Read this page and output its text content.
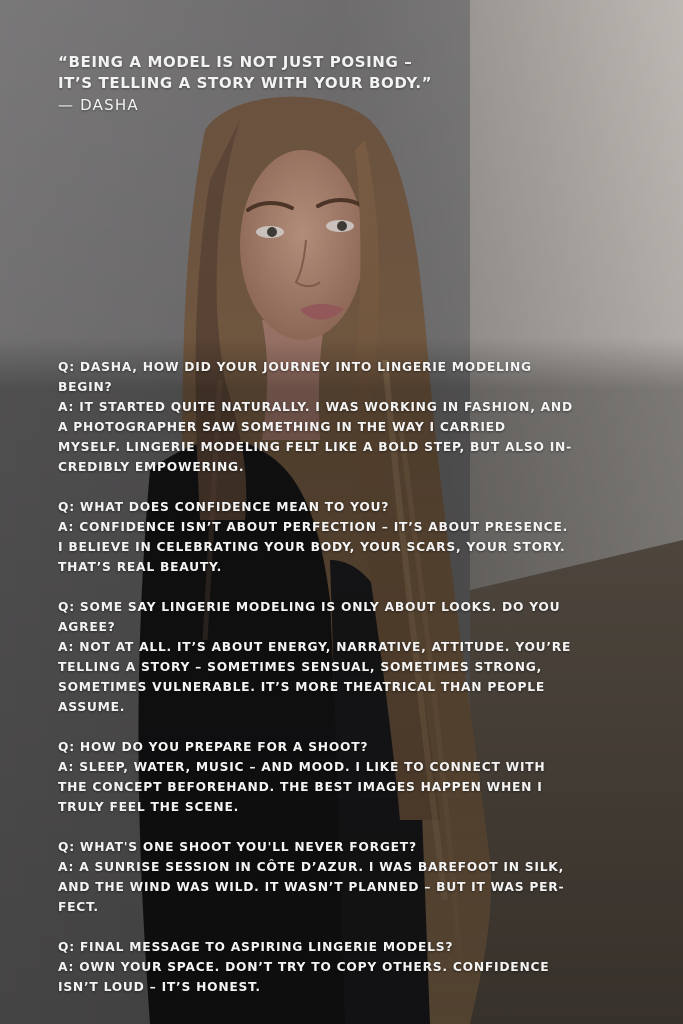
“BEING A MODEL IS NOT JUST POSING –
IT’S TELLING A STORY WITH YOUR BODY.”
— DASHA
Q: DASHA, HOW DID YOUR JOURNEY INTO LINGERIE MODELING
BEGIN?
A: IT STARTED QUITE NATURALLY. I WAS WORKING IN FASHION, AND
A PHOTOGRAPHER SAW SOMETHING IN THE WAY I CARRIED
MYSELF. LINGERIE MODELING FELT LIKE A BOLD STEP, BUT ALSO IN-
CREDIBLY EMPOWERING.
Q: WHAT DOES CONFIDENCE MEAN TO YOU?
A: CONFIDENCE ISN’T ABOUT PERFECTION – IT’S ABOUT PRESENCE.
I BELIEVE IN CELEBRATING YOUR BODY, YOUR SCARS, YOUR STORY.
THAT’S REAL BEAUTY.
Q: SOME SAY LINGERIE MODELING IS ONLY ABOUT LOOKS. DO YOU
AGREE?
A: NOT AT ALL. IT’S ABOUT ENERGY, NARRATIVE, ATTITUDE. YOU’RE
TELLING A STORY – SOMETIMES SENSUAL, SOMETIMES STRONG,
SOMETIMES VULNERABLE. IT’S MORE THEATRICAL THAN PEOPLE
ASSUME.
Q: HOW DO YOU PREPARE FOR A SHOOT?
A: SLEEP, WATER, MUSIC – AND MOOD. I LIKE TO CONNECT WITH
THE CONCEPT BEFOREHAND. THE BEST IMAGES HAPPEN WHEN I
TRULY FEEL THE SCENE.
Q: WHAT'S ONE SHOOT YOU'LL NEVER FORGET?
A: A SUNRISE SESSION IN CÔTE D’AZUR. I WAS BAREFOOT IN SILK,
AND THE WIND WAS WILD. IT WASN’T PLANNED – BUT IT WAS PER-
FECT.
Q: FINAL MESSAGE TO ASPIRING LINGERIE MODELS?
A: OWN YOUR SPACE. DON’T TRY TO COPY OTHERS. CONFIDENCE
ISN’T LOUD – IT’S HONEST.
